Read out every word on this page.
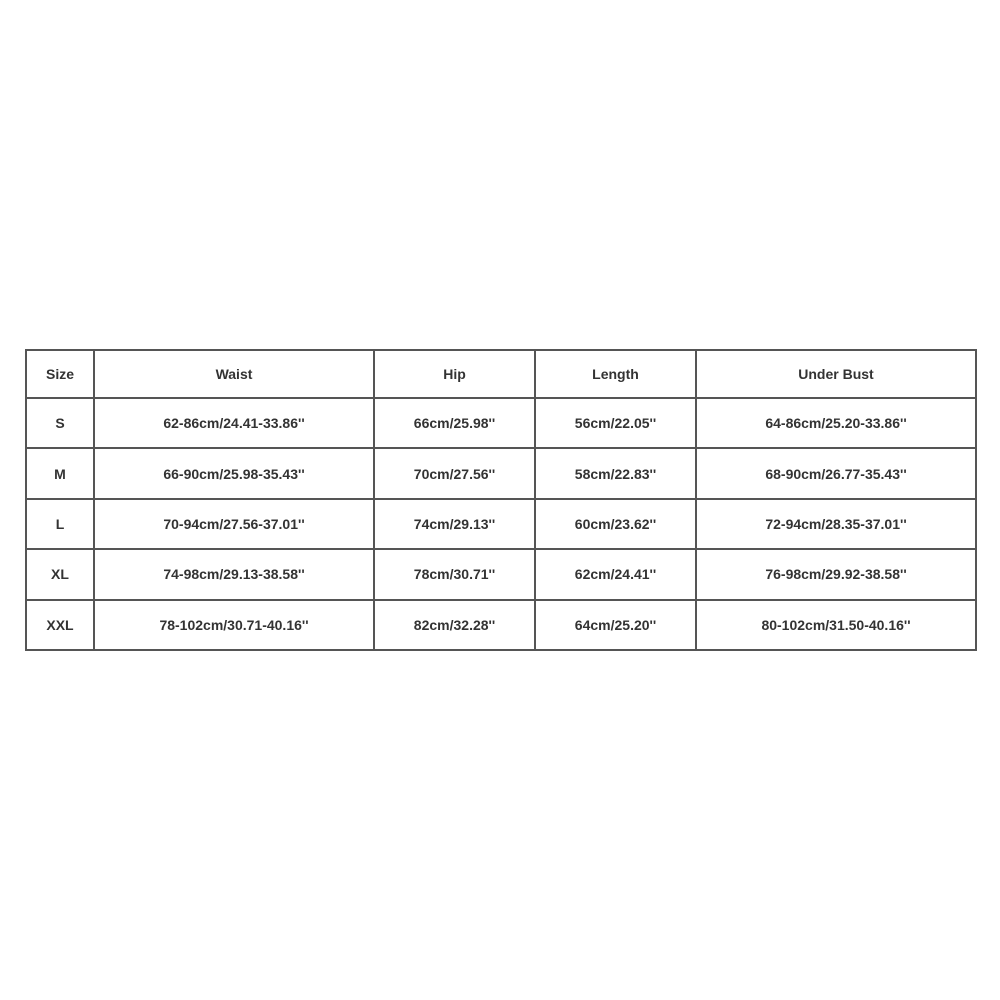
Size	Waist	Hip	Length	Under Bust
S	62-86cm/24.41-33.86''	66cm/25.98''	56cm/22.05''	64-86cm/25.20-33.86''
M	66-90cm/25.98-35.43''	70cm/27.56''	58cm/22.83''	68-90cm/26.77-35.43''
L	70-94cm/27.56-37.01''	74cm/29.13''	60cm/23.62''	72-94cm/28.35-37.01''
XL	74-98cm/29.13-38.58''	78cm/30.71''	62cm/24.41''	76-98cm/29.92-38.58''
XXL	78-102cm/30.71-40.16''	82cm/32.28''	64cm/25.20''	80-102cm/31.50-40.16''
